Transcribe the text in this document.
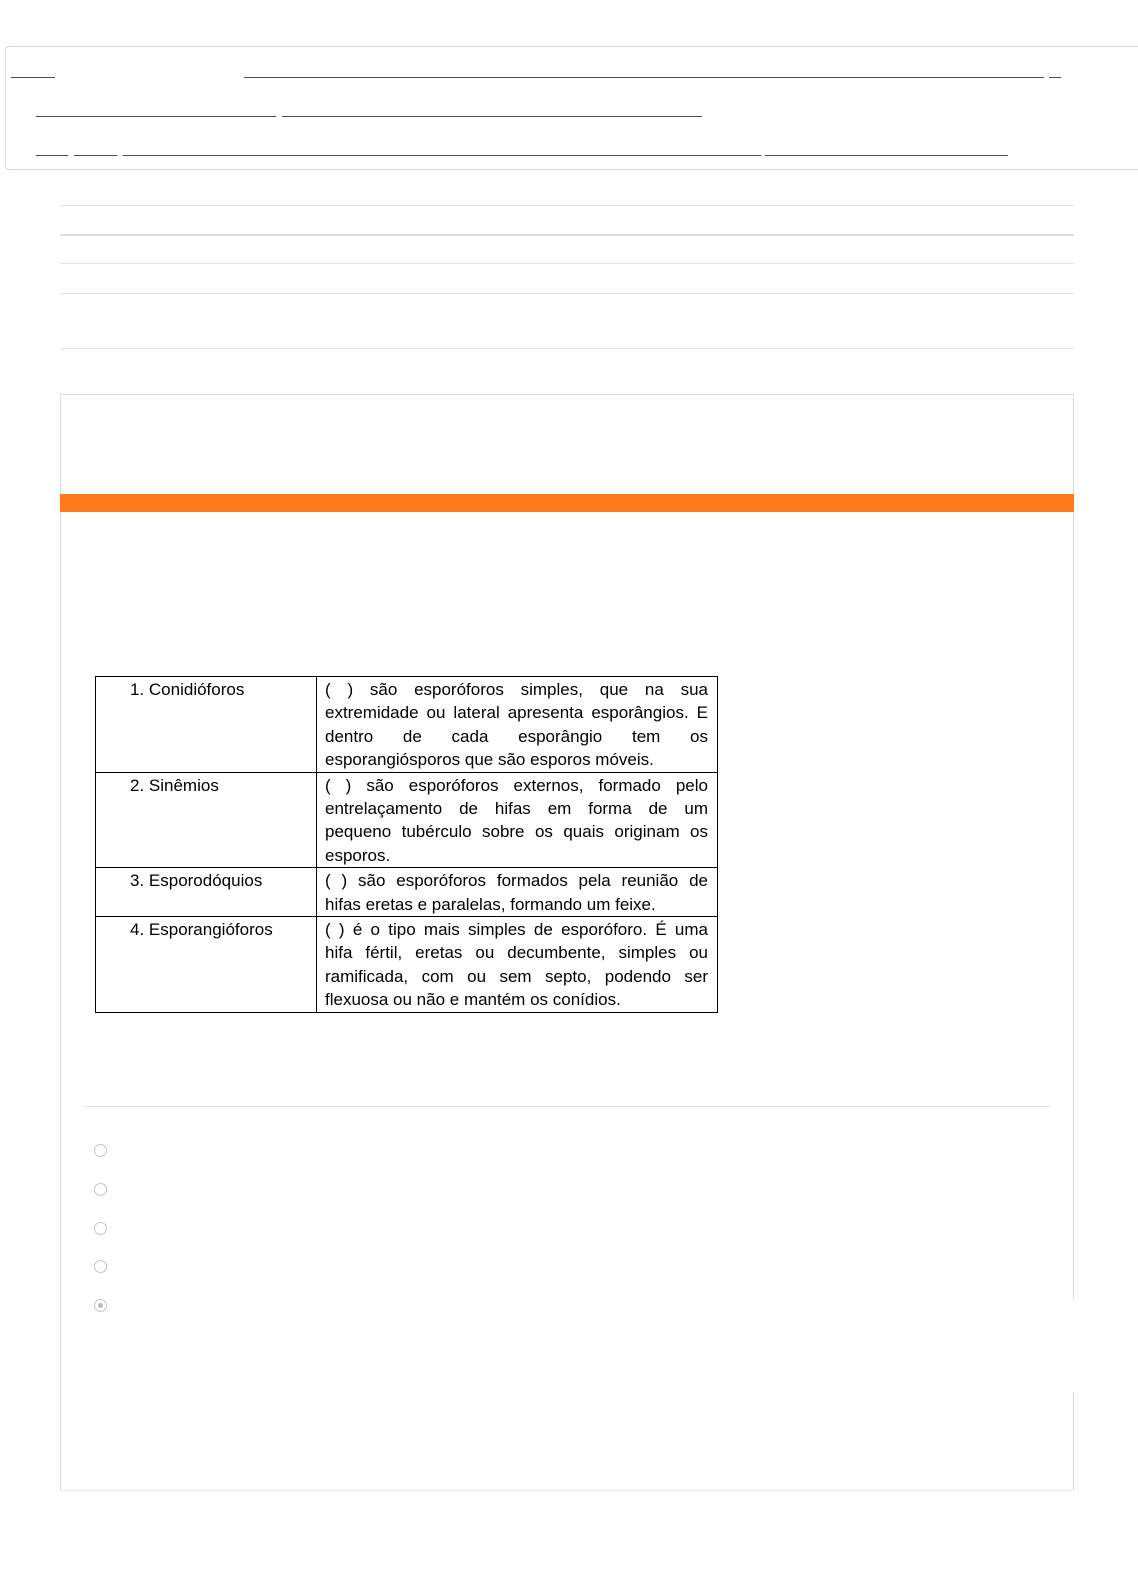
1. Conidióforos	( ) são esporóforos simples, que na sua
extremidade ou lateral apresenta esporângios. E
dentro de cada esporângio tem os
esporangiósporos que são esporos móveis.

2. Sinêmios	( ) são esporóforos externos, formado pelo
entrelaçamento de hifas em forma de um
pequeno tubérculo sobre os quais originam os
esporos.

3. Esporodóquios	( ) são esporóforos formados pela reunião de
hifas eretas e paralelas, formando um feixe.

4. Esporangióforos	( ) é o tipo mais simples de esporóforo. É uma
hifa fértil, eretas ou decumbente, simples ou
ramificada, com ou sem septo, podendo ser
flexuosa ou não e mantém os conídios.
